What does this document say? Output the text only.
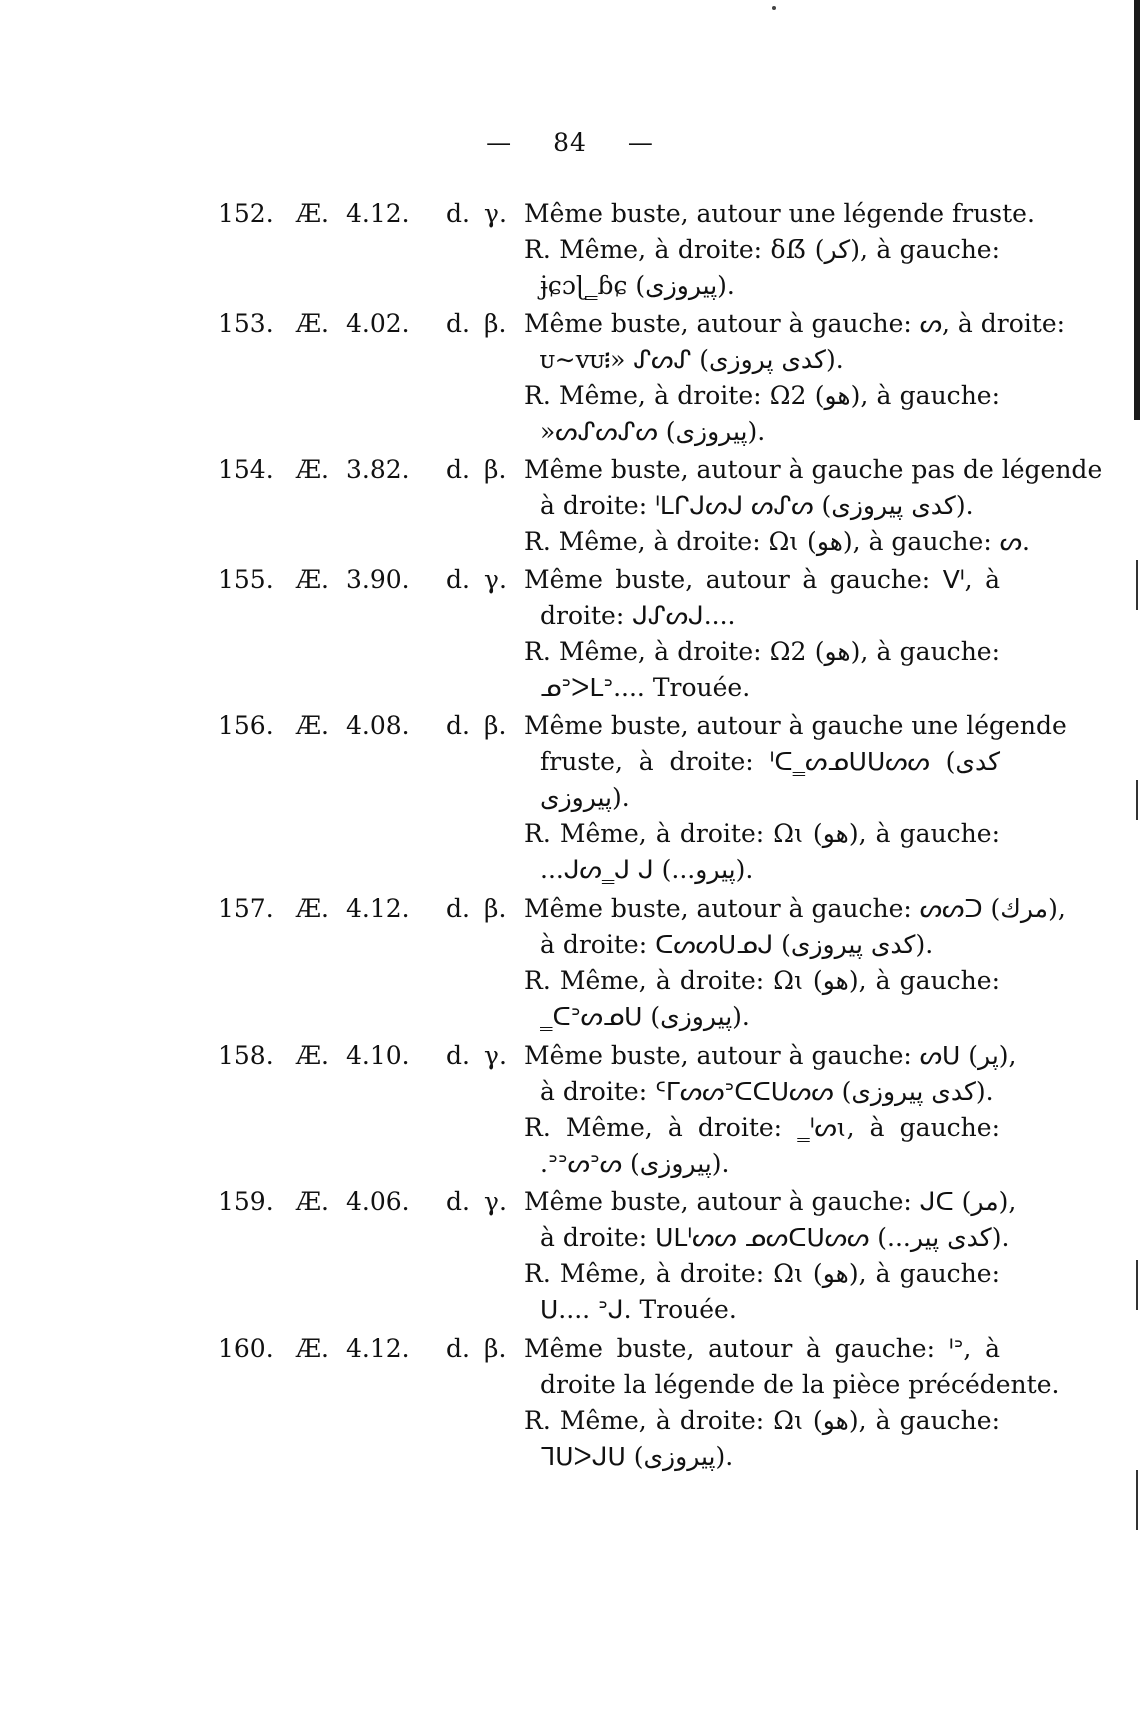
— 84 —
152. Æ. 4.12. d. γ. Même buste, autour une légende fruste.
R. Même, à droite: ẟẞ (كر), à gauche:
ɉɕɔɭ‗ɓɕ (پيروزى).
153. Æ. 4.02. d. β. Même buste, autour à gauche: ᔕ, à droite:
ᴜ∼ᴠᴜ᎒» ᔑᔕᔑ (كدى پروزى).
R. Même, à droite: Ω2 (هو), à gauche:
»ᔕᔑᔕᔑᔕ (پيروزى).
154. Æ. 3.82. d. β. Même buste, autour à gauche pas de légende
à droite: ᑊᒪᒋᒍᔕᒍ ᔕᔑᔕ (كدى پيروزى).
R. Même, à droite: Ωɩ (هو), à gauche: ᔕ.
155. Æ. 3.90. d. γ. Même buste, autour à gauche: ᐯᑊ, à
droite: ᒍᔑᔕᒍ....
R. Même, à droite: Ω2 (هو), à gauche:
ᓄᐣᐳᒪᐣ.... Trouée.
156. Æ. 4.08. d. β. Même buste, autour à gauche une légende
fruste, à droite: ᑊᑕ‗ᔕᓄᑌᑌᔕᔕ (كدى
پيروزى).
R. Même, à droite: Ωɩ (هو), à gauche:
...ᒍᔕ‗ᒍ ᒍ (...پيرو).
157. Æ. 4.12. d. β. Même buste, autour à gauche: ᔕᔕᑐ (مرك),
à droite: ᑕᔕᔕᑌᓄᒍ (كدى پيروزى).
R. Même, à droite: Ωɩ (هو), à gauche:
‗ᑕᐣᔕᓄᑌ (پيروزى).
158. Æ. 4.10. d. γ. Même buste, autour à gauche: ᔕᑌ (پر),
à droite: ᑦᒥᔕᔕᐣᑕᑕᑌᔕᔕ (كدى پيروزى).
R. Même, à droite: ‗ᑊᔕɩ, à gauche:
.ᐣᐣᔕᐣᔕ (پيروزى).
159. Æ. 4.06. d. γ. Même buste, autour à gauche: ᒍᑕ (مر),
à droite: ᑌᒪᑊᔕᔕ ᓄᔕᑕᑌᔕᔕ (...كدى پير).
R. Même, à droite: Ωɩ (هو), à gauche:
ᑌ.... ᐣᒍ. Trouée.
160. Æ. 4.12. d. β. Même buste, autour à gauche: ᑊᐣ, à
droite la légende de la pièce précédente.
R. Même, à droite: Ωɩ (هو), à gauche:
ᒣᑌᐳᒍᑌ (پيروزى).
